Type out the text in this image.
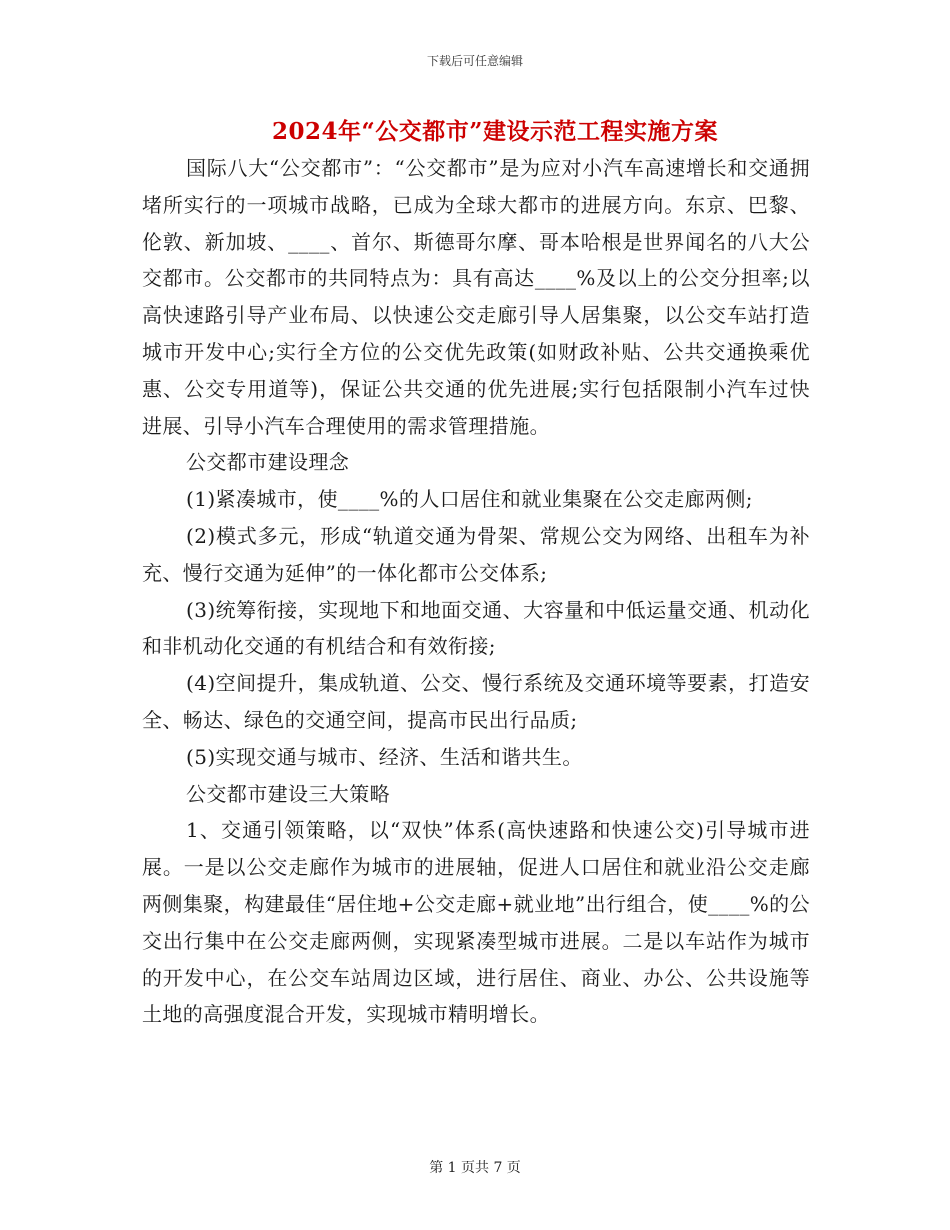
下载后可任意编辑
2024年“公交都市”建设示范工程实施方案

国际八大“公交都市”：“公交都市”是为应对小汽车高速增长和交通拥堵所实行的一项城市战略，已成为全球大都市的进展方向。东京、巴黎、伦敦、新加坡、____、首尔、斯德哥尔摩、哥本哈根是世界闻名的八大公交都市。公交都市的共同特点为：具有高达____%及以上的公交分担率;以高快速路引导产业布局、以快速公交走廊引导人居集聚，以公交车站打造城市开发中心;实行全方位的公交优先政策(如财政补贴、公共交通换乘优惠、公交专用道等)，保证公共交通的优先进展;实行包括限制小汽车过快进展、引导小汽车合理使用的需求管理措施。

公交都市建设理念

(1)紧凑城市，使____%的人口居住和就业集聚在公交走廊两侧;

(2)模式多元，形成“轨道交通为骨架、常规公交为网络、出租车为补充、慢行交通为延伸”的一体化都市公交体系;

(3)统筹衔接，实现地下和地面交通、大容量和中低运量交通、机动化和非机动化交通的有机结合和有效衔接;

(4)空间提升，集成轨道、公交、慢行系统及交通环境等要素，打造安全、畅达、绿色的交通空间，提高市民出行品质;

(5)实现交通与城市、经济、生活和谐共生。

公交都市建设三大策略

1、交通引领策略，以“双快”体系(高快速路和快速公交)引导城市进展。一是以公交走廊作为城市的进展轴，促进人口居住和就业沿公交走廊两侧集聚，构建最佳“居住地+公交走廊+就业地”出行组合，使____%的公交出行集中在公交走廊两侧，实现紧凑型城市进展。二是以车站作为城市的开发中心，在公交车站周边区域，进行居住、商业、办公、公共设施等土地的高强度混合开发，实现城市精明增长。

第 1 页共 7 页
